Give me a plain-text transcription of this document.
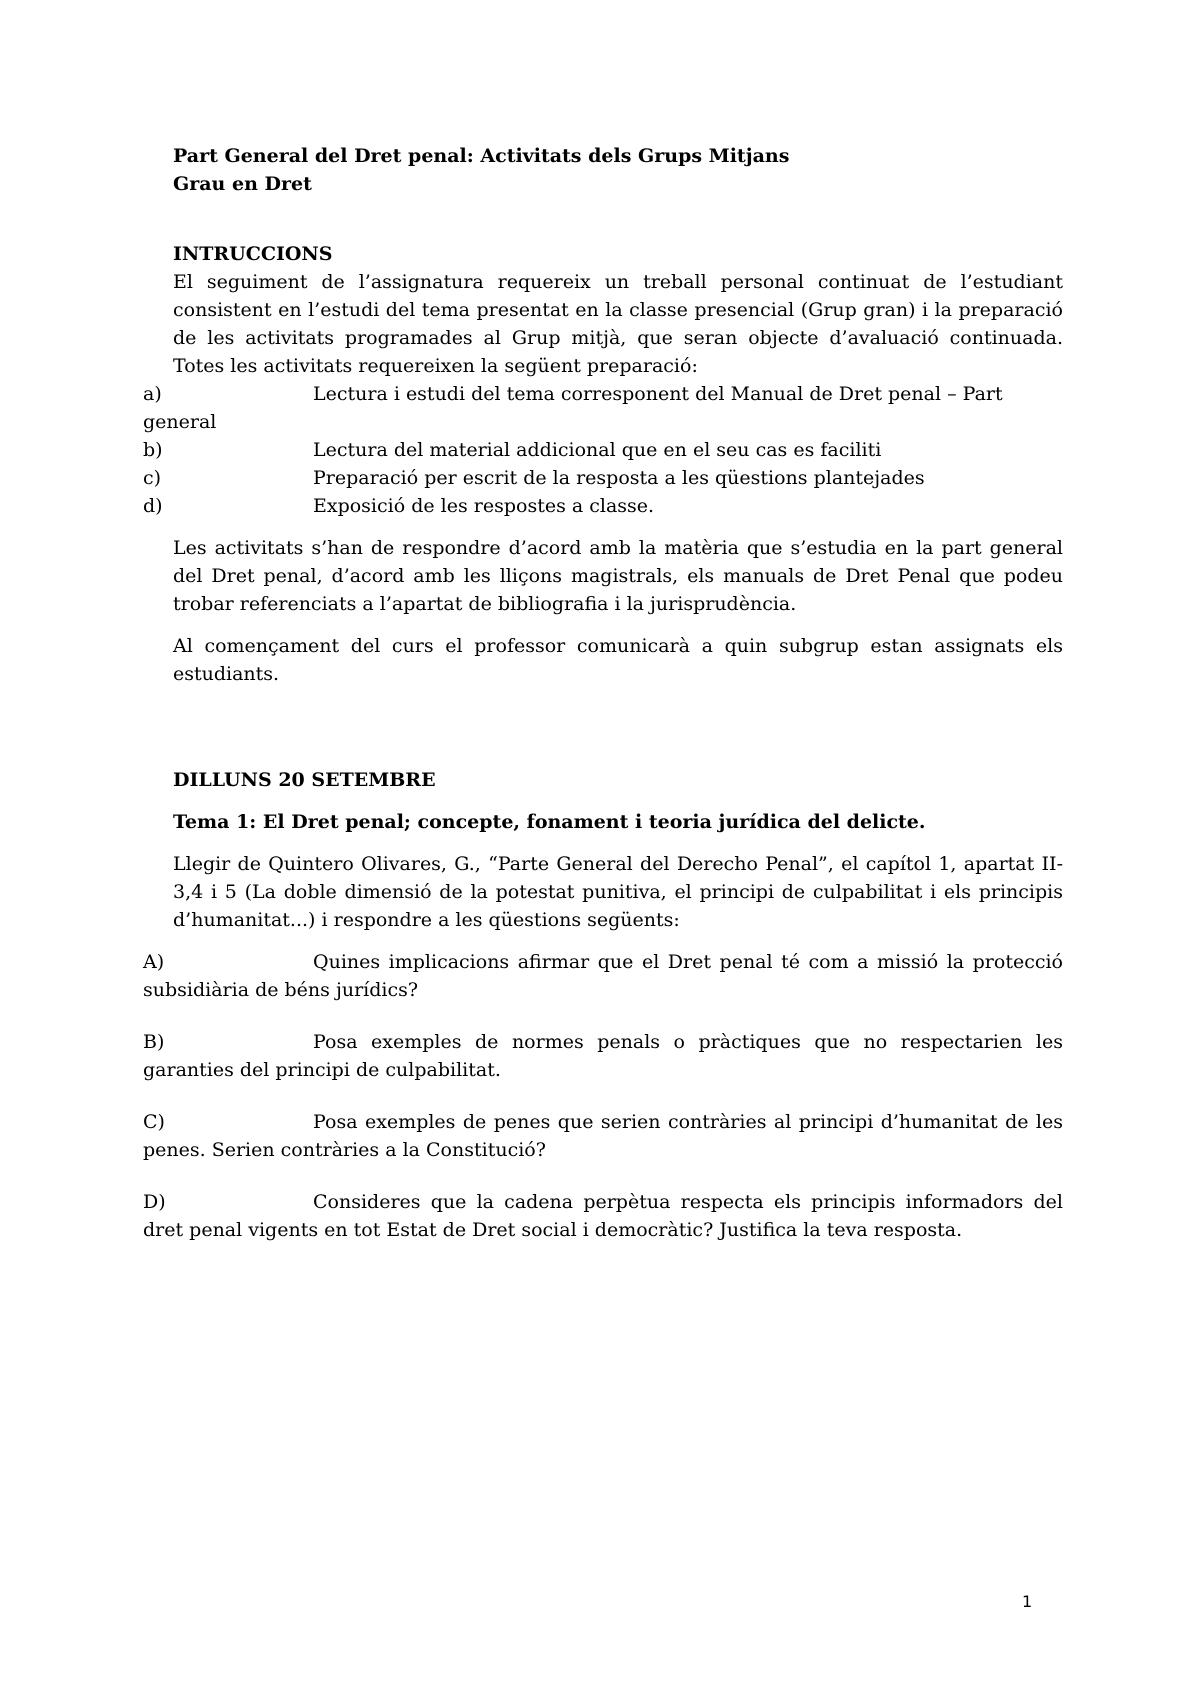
Part General del Dret penal: Activitats dels Grups Mitjans

Grau en Dret

INTRUCCIONS

El seguiment de l’assignatura requereix un treball personal continuat de l’estudiant consistent en l’estudi del tema presentat en la classe presencial (Grup gran) i la preparació de les activitats programades al Grup mitjà, que seran objecte d’avaluació continuada. Totes les activitats requereixen la següent preparació:

a)	Lectura i estudi del tema corresponent del Manual de Dret penal – Part
general
b)	Lectura del material addicional que en el seu cas es faciliti
c)	Preparació per escrit de la resposta a les qüestions plantejades
d)	Exposició de les respostes a classe.

Les activitats s’han de respondre d’acord amb la matèria que s’estudia en la part general del Dret penal, d’acord amb les lliçons magistrals, els manuals de Dret Penal que podeu trobar referenciats a l’apartat de bibliografia i la jurisprudència.

Al començament del curs el professor comunicarà a quin subgrup estan assignats els estudiants.

DILLUNS 20 SETEMBRE

Tema 1: El Dret penal; concepte, fonament i teoria jurídica del delicte.

Llegir de Quintero Olivares, G., “Parte General del Derecho Penal”, el capítol 1, apartat II-3,4 i 5 (La doble dimensió de la potestat punitiva, el principi de culpabilitat i els principis d’humanitat...) i respondre a les qüestions següents:

A)	Quines implicacions afirmar que el Dret penal té com a missió la protecció subsidiària de béns jurídics?

B)	Posa exemples de normes penals o pràctiques que no respectarien les garanties del principi de culpabilitat.

C)	Posa exemples de penes que serien contràries al principi d’humanitat de les penes. Serien contràries a la Constitució?

D)	Consideres que la cadena perpètua respecta els principis informadors del dret penal vigents en tot Estat de Dret social i democràtic? Justifica la teva resposta.

1
